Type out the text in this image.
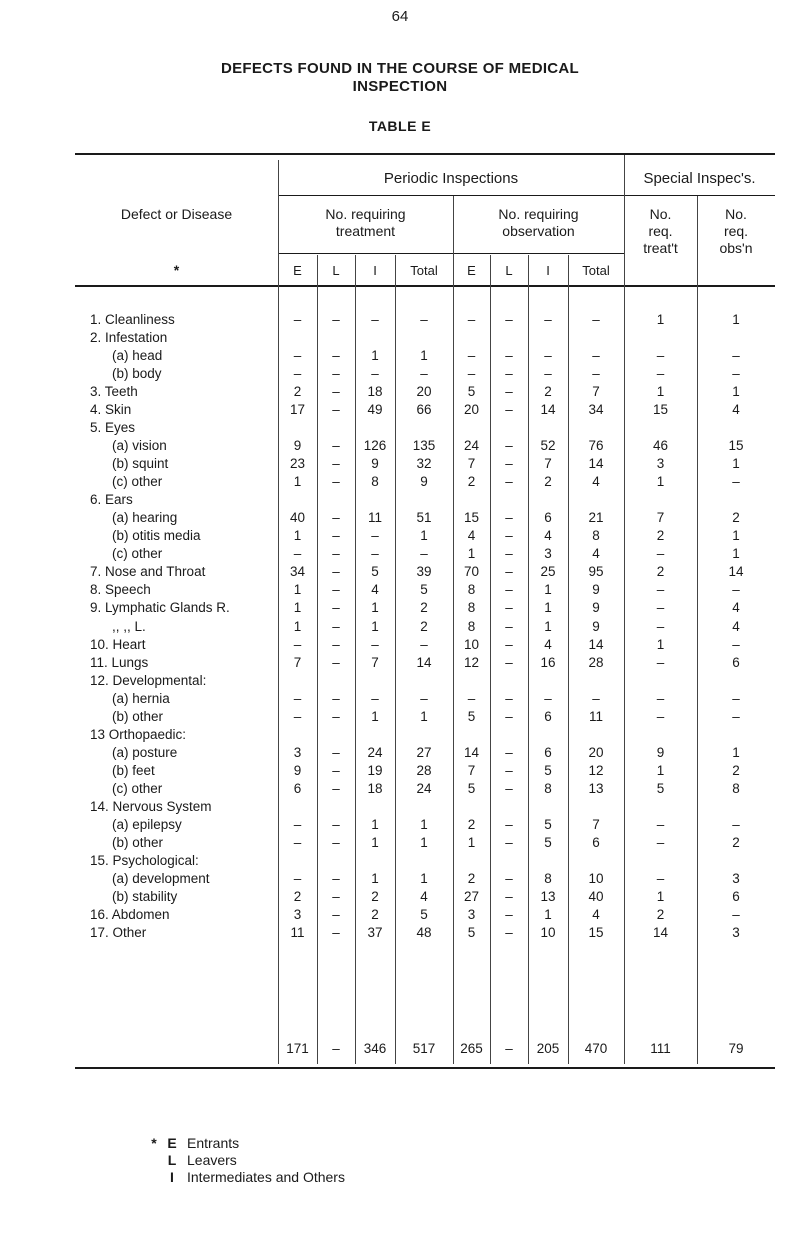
64
DEFECTS FOUND IN THE COURSE OF MEDICAL
INSPECTION
TABLE E
Periodic Inspections	Special Inspec's.
Defect or Disease
*
No. requiring
treatment
No. requiring
observation
No.
req.
treat't
No.
req.
obs'n
E	L	I	Total	E	L	I	Total
1. Cleanliness	–	–	–	–	–	–	–	–	1	1
2. Infestation
(a) head	–	–	1	1	–	–	–	–	–	–
(b) body	–	–	–	–	–	–	–	–	–	–
3. Teeth	2	–	18	20	5	–	2	7	1	1
4. Skin	17	–	49	66	20	–	14	34	15	4
5. Eyes
(a) vision	9	–	126	135	24	–	52	76	46	15
(b) squint	23	–	9	32	7	–	7	14	3	1
(c) other	1	–	8	9	2	–	2	4	1	–
6. Ears
(a) hearing	40	–	11	51	15	–	6	21	7	2
(b) otitis media	1	–	–	1	4	–	4	8	2	1
(c) other	–	–	–	–	1	–	3	4	–	1
7. Nose and Throat	34	–	5	39	70	–	25	95	2	14
8. Speech	1	–	4	5	8	–	1	9	–	–
9. Lymphatic Glands R.	1	–	1	2	8	–	1	9	–	4
,, ,, L.	1	–	1	2	8	–	1	9	–	4
10. Heart	–	–	–	–	10	–	4	14	1	–
11. Lungs	7	–	7	14	12	–	16	28	–	6
12. Developmental:
(a) hernia	–	–	–	–	–	–	–	–	–	–
(b) other	–	–	1	1	5	–	6	11	–	–
13 Orthopaedic:
(a) posture	3	–	24	27	14	–	6	20	9	1
(b) feet	9	–	19	28	7	–	5	12	1	2
(c) other	6	–	18	24	5	–	8	13	5	8
14. Nervous System
(a) epilepsy	–	–	1	1	2	–	5	7	–	–
(b) other	–	–	1	1	1	–	5	6	–	2
15. Psychological:
(a) development	–	–	1	1	2	–	8	10	–	3
(b) stability	2	–	2	4	27	–	13	40	1	6
16. Abdomen	3	–	2	5	3	–	1	4	2	–
17. Other	11	–	37	48	5	–	10	15	14	3
171	–	346	517	265	–	205	470	111	79
* E Entrants
L Leavers
I Intermediates and Others
